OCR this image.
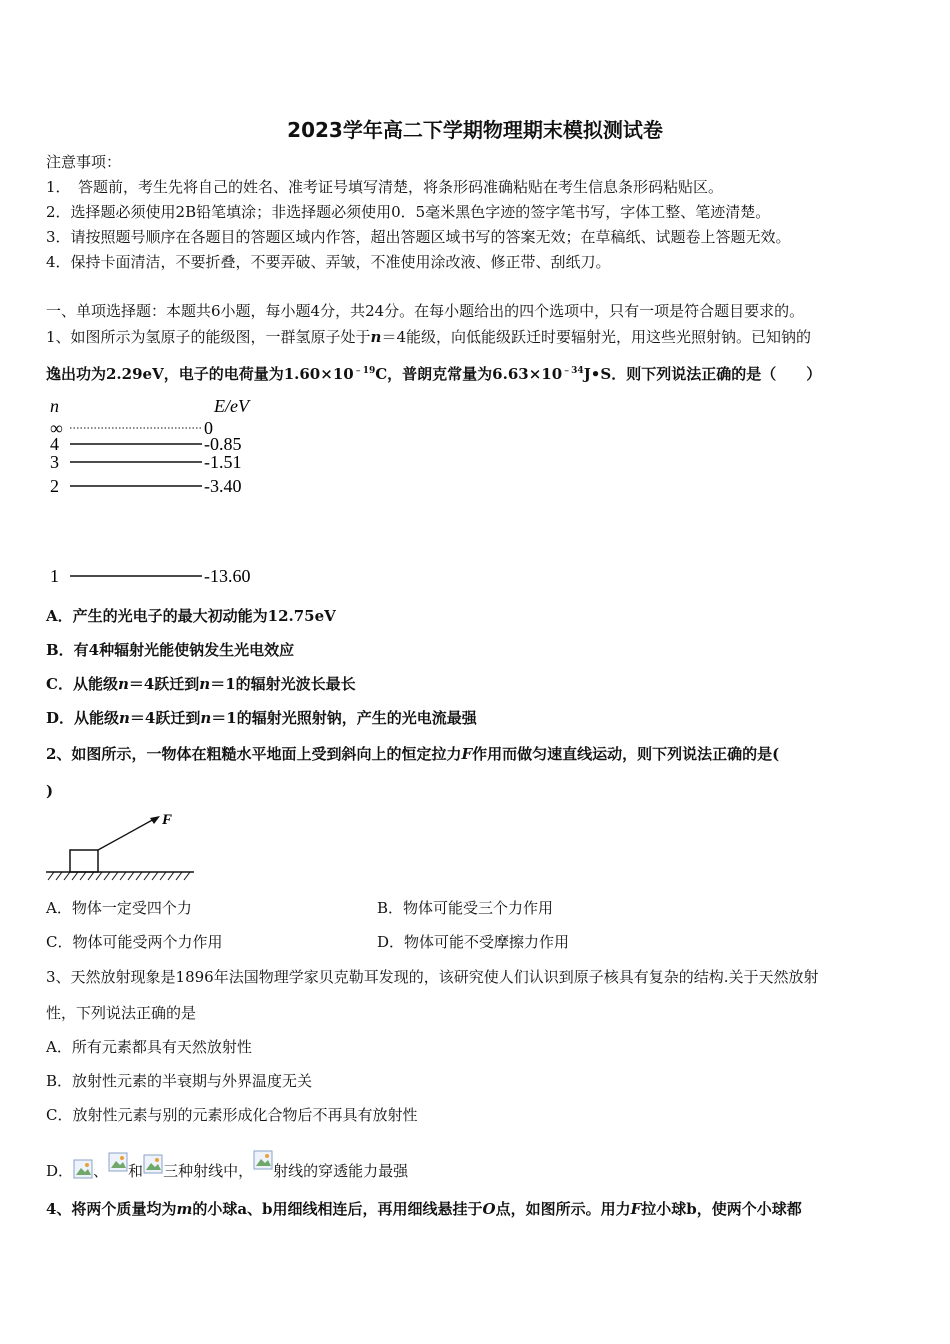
2023学年高二下学期物理期末模拟测试卷
注意事项：
1．　答题前，考生先将自己的姓名、准考证号填写清楚，将条形码准确粘贴在考生信息条形码粘贴区。
2．选择题必须使用2B铅笔填涂；非选择题必须使用0．5毫米黑色字迹的签字笔书写，字体工整、笔迹清楚。
3．请按照题号顺序在各题目的答题区域内作答，超出答题区域书写的答案无效；在草稿纸、试题卷上答题无效。
4．保持卡面清洁，不要折叠，不要弄破、弄皱，不准使用涂改液、修正带、刮纸刀。
一、单项选择题：本题共6小题，每小题4分，共24分。在每小题给出的四个选项中，只有一项是符合题目要求的。
1、如图所示为氢原子的能级图，一群氢原子处于n＝4能级，向低能级跃迁时要辐射光，用这些光照射钠。已知钠的
逸出功为2.29eV，电子的电荷量为$1.60\times 10^{﹣19}C$，普朗克常量为$6.63\times 10^{﹣34}J•S$．则下列说法正确的是（　　）
n	E/eV
∞	0
4	-0.85
3	-1.51
2	-3.40
1	-13.60
A．产生的光电子的最大初动能为12.75eV
B．有4种辐射光能使钠发生光电效应
C．从能级n＝4跃迁到n＝1的辐射光波长最长
D．从能级n＝4跃迁到n＝1的辐射光照射钠，产生的光电流最强
2、如图所示，一物体在粗糙水平地面上受到斜向上的恒定拉力F作用而做匀速直线运动，则下列说法正确的是(
)
F
A．物体一定受四个力	B．物体可能受三个力作用
C．物体可能受两个力作用	D．物体可能不受摩擦力作用
3、天然放射现象是1896年法国物理学家贝克勒耳发现的，该研究使人们认识到原子核具有复杂的结构.关于天然放射
性，下列说法正确的是
A．所有元素都具有天然放射性
B．放射性元素的半衰期与外界温度无关
C．放射性元素与别的元素形成化合物后不再具有放射性
D． 、 和 三种射线中， 射线的穿透能力最强
4、将两个质量均为m的小球a、b用细线相连后，再用细线悬挂于O点，如图所示。用力F拉小球b，使两个小球都
